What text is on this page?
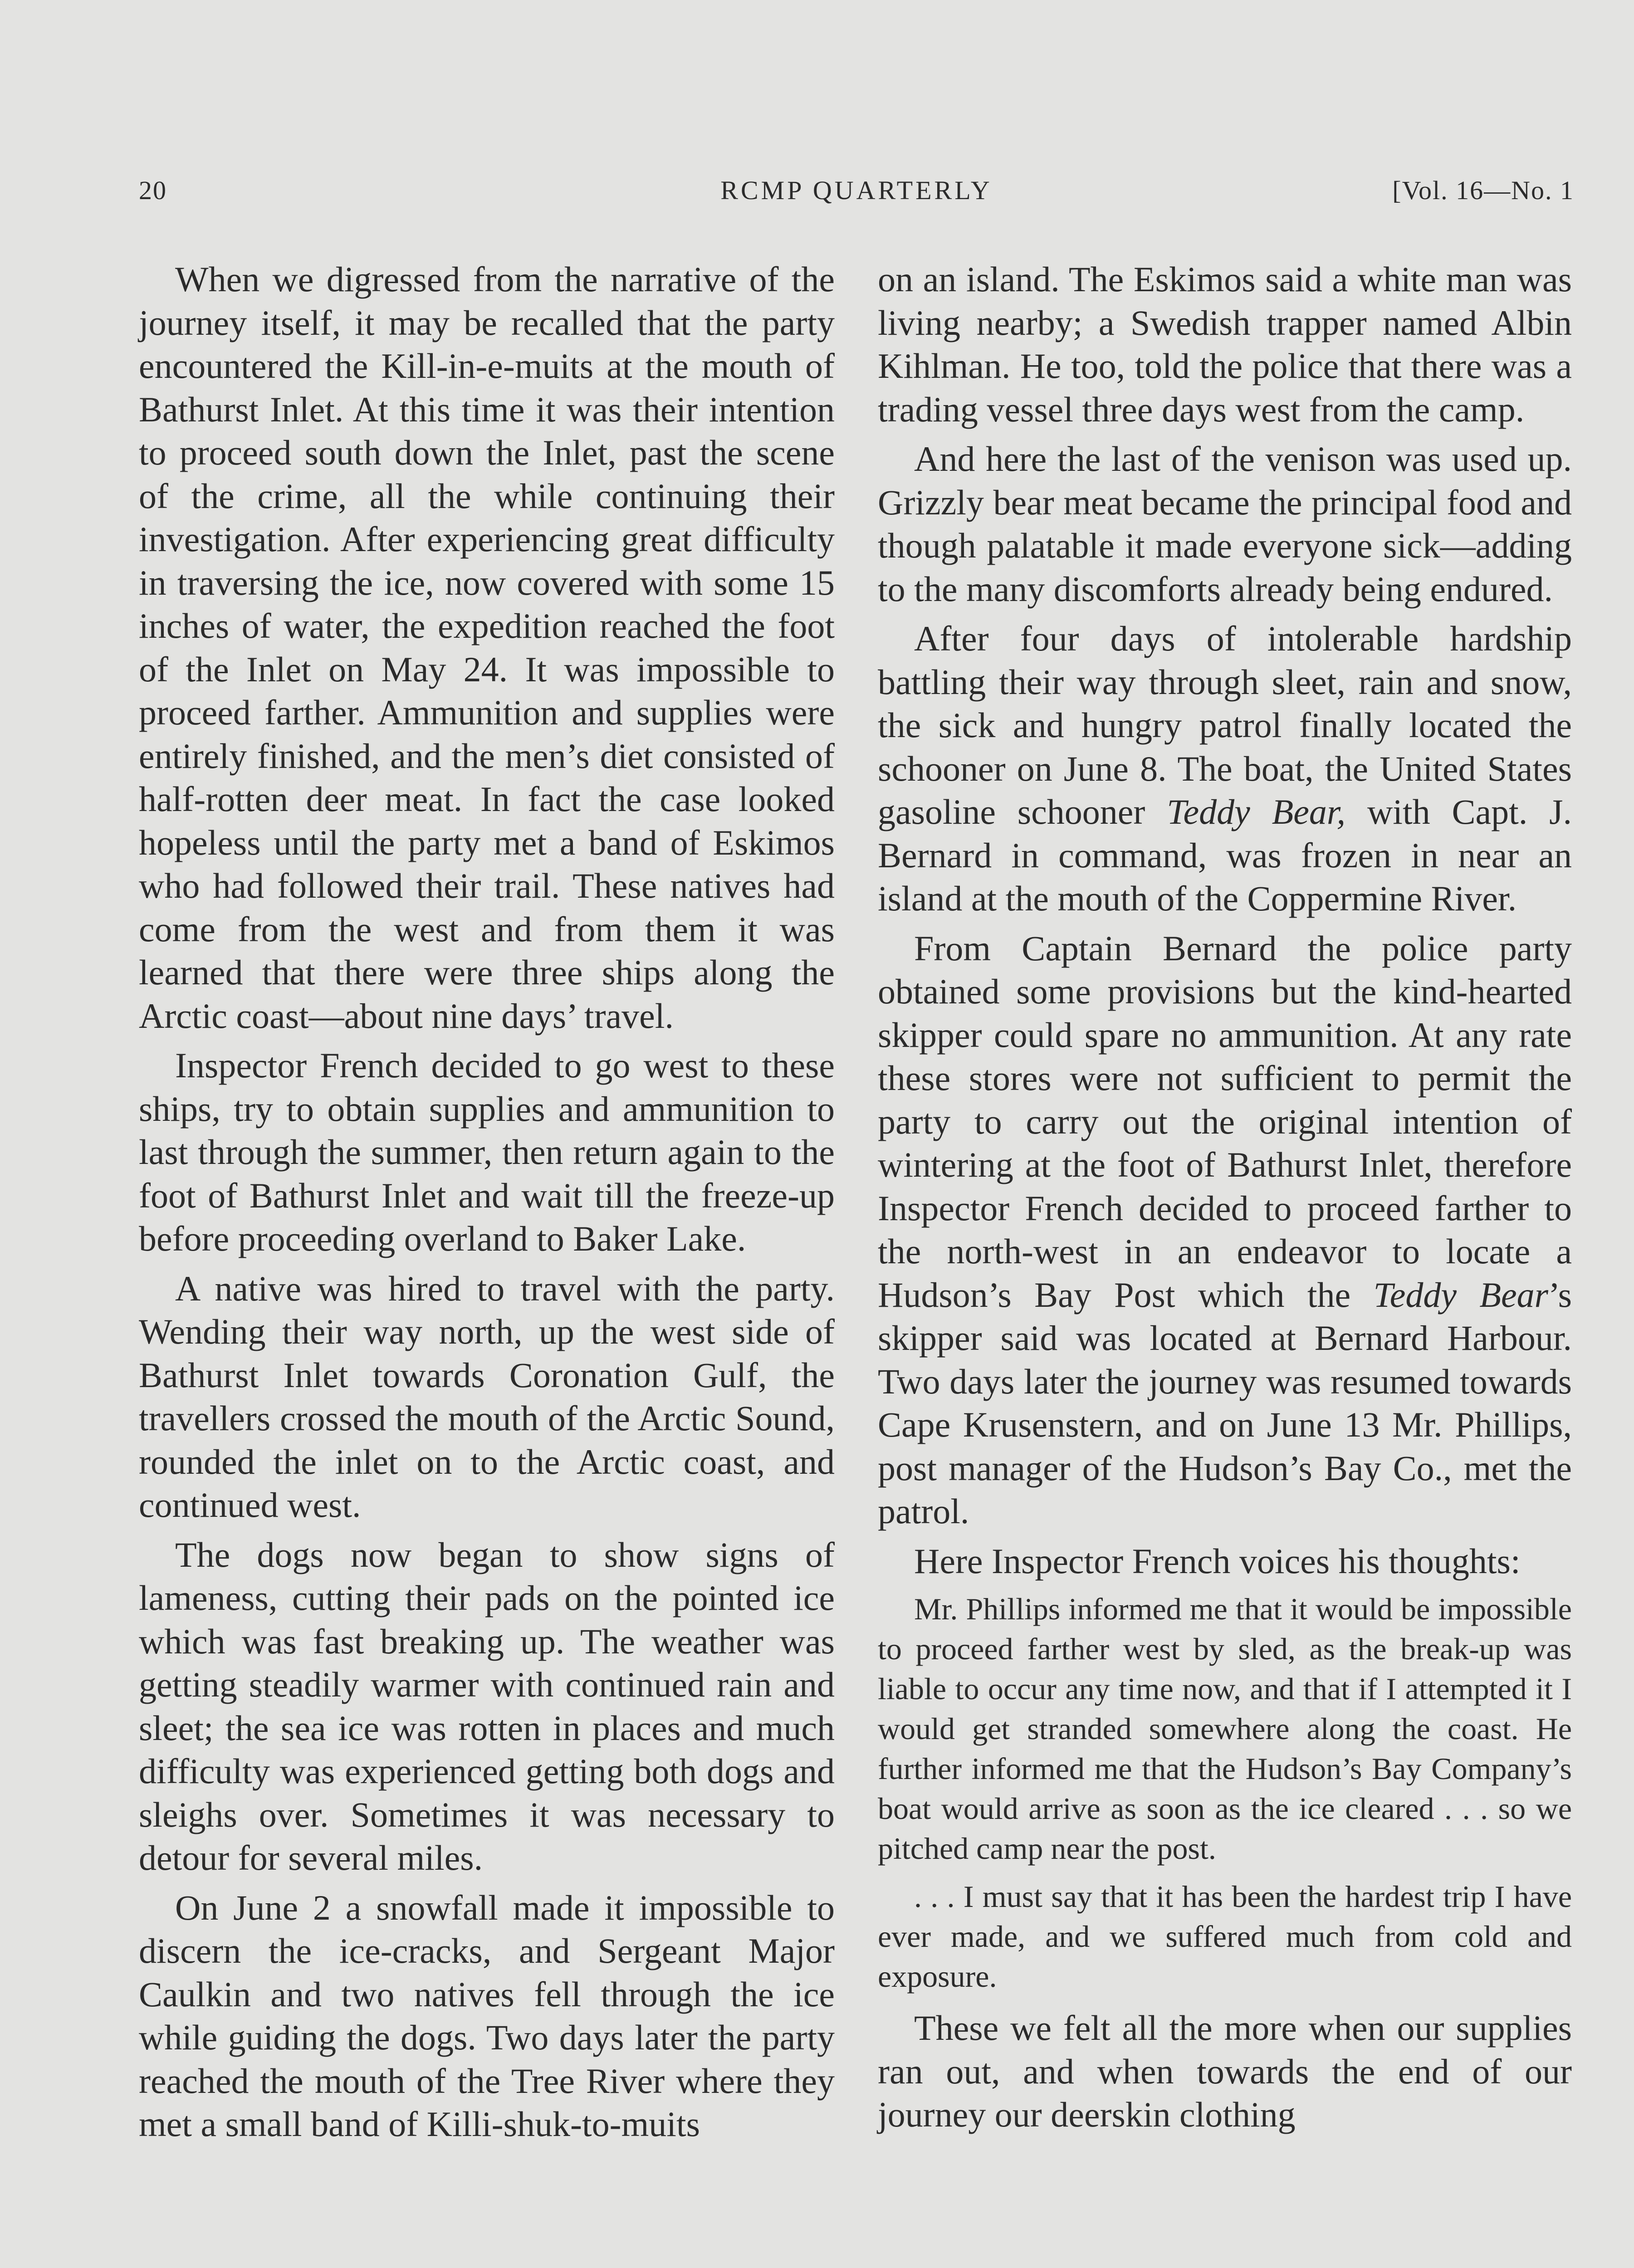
20	RCMP QUARTERLY	[Vol. 16—No. 1

When we digressed from the narrative of the journey itself, it may be recalled that the party encountered the Kill-in-e-muits at the mouth of Bathurst Inlet. At this time it was their intention to proceed south down the Inlet, past the scene of the crime, all the while continuing their investigation. After experiencing great difficulty in traversing the ice, now covered with some 15 inches of water, the expedition reached the foot of the Inlet on May 24. It was impossible to proceed farther. Ammunition and supplies were entirely finished, and the men’s diet consisted of half-rotten deer meat. In fact the case looked hopeless until the party met a band of Eskimos who had followed their trail. These natives had come from the west and from them it was learned that there were three ships along the Arctic coast—about nine days’ travel.

Inspector French decided to go west to these ships, try to obtain supplies and ammunition to last through the summer, then return again to the foot of Bathurst Inlet and wait till the freeze-up before proceeding overland to Baker Lake.

A native was hired to travel with the party. Wending their way north, up the west side of Bathurst Inlet towards Coronation Gulf, the travellers crossed the mouth of the Arctic Sound, rounded the inlet on to the Arctic coast, and continued west.

The dogs now began to show signs of lameness, cutting their pads on the pointed ice which was fast breaking up. The weather was getting steadily warmer with continued rain and sleet; the sea ice was rotten in places and much difficulty was experienced getting both dogs and sleighs over. Sometimes it was necessary to detour for several miles.

On June 2 a snowfall made it impossible to discern the ice-cracks, and Sergeant Major Caulkin and two natives fell through the ice while guiding the dogs. Two days later the party reached the mouth of the Tree River where they met a small band of Killi-shuk-to-muits

on an island. The Eskimos said a white man was living nearby; a Swedish trapper named Albin Kihlman. He too, told the police that there was a trading vessel three days west from the camp.

And here the last of the venison was used up. Grizzly bear meat became the principal food and though palatable it made everyone sick—adding to the many discomforts already being endured.

After four days of intolerable hardship battling their way through sleet, rain and snow, the sick and hungry patrol finally located the schooner on June 8. The boat, the United States gasoline schooner Teddy Bear, with Capt. J. Bernard in command, was frozen in near an island at the mouth of the Coppermine River.

From Captain Bernard the police party obtained some provisions but the kind-hearted skipper could spare no ammunition. At any rate these stores were not sufficient to permit the party to carry out the original intention of wintering at the foot of Bathurst Inlet, therefore Inspector French decided to proceed farther to the north-west in an endeavor to locate a Hudson’s Bay Post which the Teddy Bear’s skipper said was located at Bernard Harbour. Two days later the journey was resumed towards Cape Krusenstern, and on June 13 Mr. Phillips, post manager of the Hudson’s Bay Co., met the patrol.

Here Inspector French voices his thoughts:

Mr. Phillips informed me that it would be impossible to proceed farther west by sled, as the break-up was liable to occur any time now, and that if I attempted it I would get stranded somewhere along the coast. He further informed me that the Hudson’s Bay Company’s boat would arrive as soon as the ice cleared . . . so we pitched camp near the post.

. . . I must say that it has been the hardest trip I have ever made, and we suffered much from cold and exposure.

These we felt all the more when our supplies ran out, and when towards the end of our journey our deerskin clothing
